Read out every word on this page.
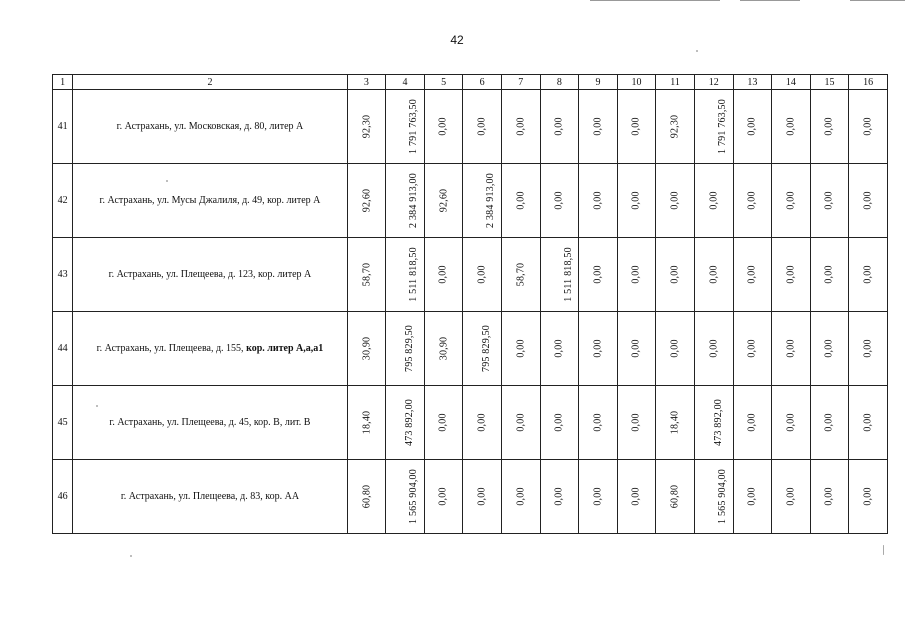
42
1	2	3	4	5	6	7	8	9	10	11	12	13	14	15	16
41	г. Астрахань, ул. Московская, д. 80, литер А	92,30	1 791 763,50	0,00	0,00	0,00	0,00	0,00	0,00	92,30	1 791 763,50	0,00	0,00	0,00	0,00
42	г. Астрахань, ул. Мусы Джалиля, д. 49, кор. литер А	92,60	2 384 913,00	92,60	2 384 913,00	0,00	0,00	0,00	0,00	0,00	0,00	0,00	0,00	0,00	0,00
43	г. Астрахань, ул. Плещеева, д. 123, кор. литер А	58,70	1 511 818,50	0,00	0,00	58,70	1 511 818,50	0,00	0,00	0,00	0,00	0,00	0,00	0,00	0,00
44	г. Астрахань, ул. Плещеева, д. 155, кор. литер А,а,а1	30,90	795 829,50	30,90	795 829,50	0,00	0,00	0,00	0,00	0,00	0,00	0,00	0,00	0,00	0,00
45	г. Астрахань, ул. Плещеева, д. 45, кор. В, лит. В	18,40	473 892,00	0,00	0,00	0,00	0,00	0,00	0,00	18,40	473 892,00	0,00	0,00	0,00	0,00
46	г. Астрахань, ул. Плещеева, д. 83, кор. АА	60,80	1 565 904,00	0,00	0,00	0,00	0,00	0,00	0,00	60,80	1 565 904,00	0,00	0,00	0,00	0,00
